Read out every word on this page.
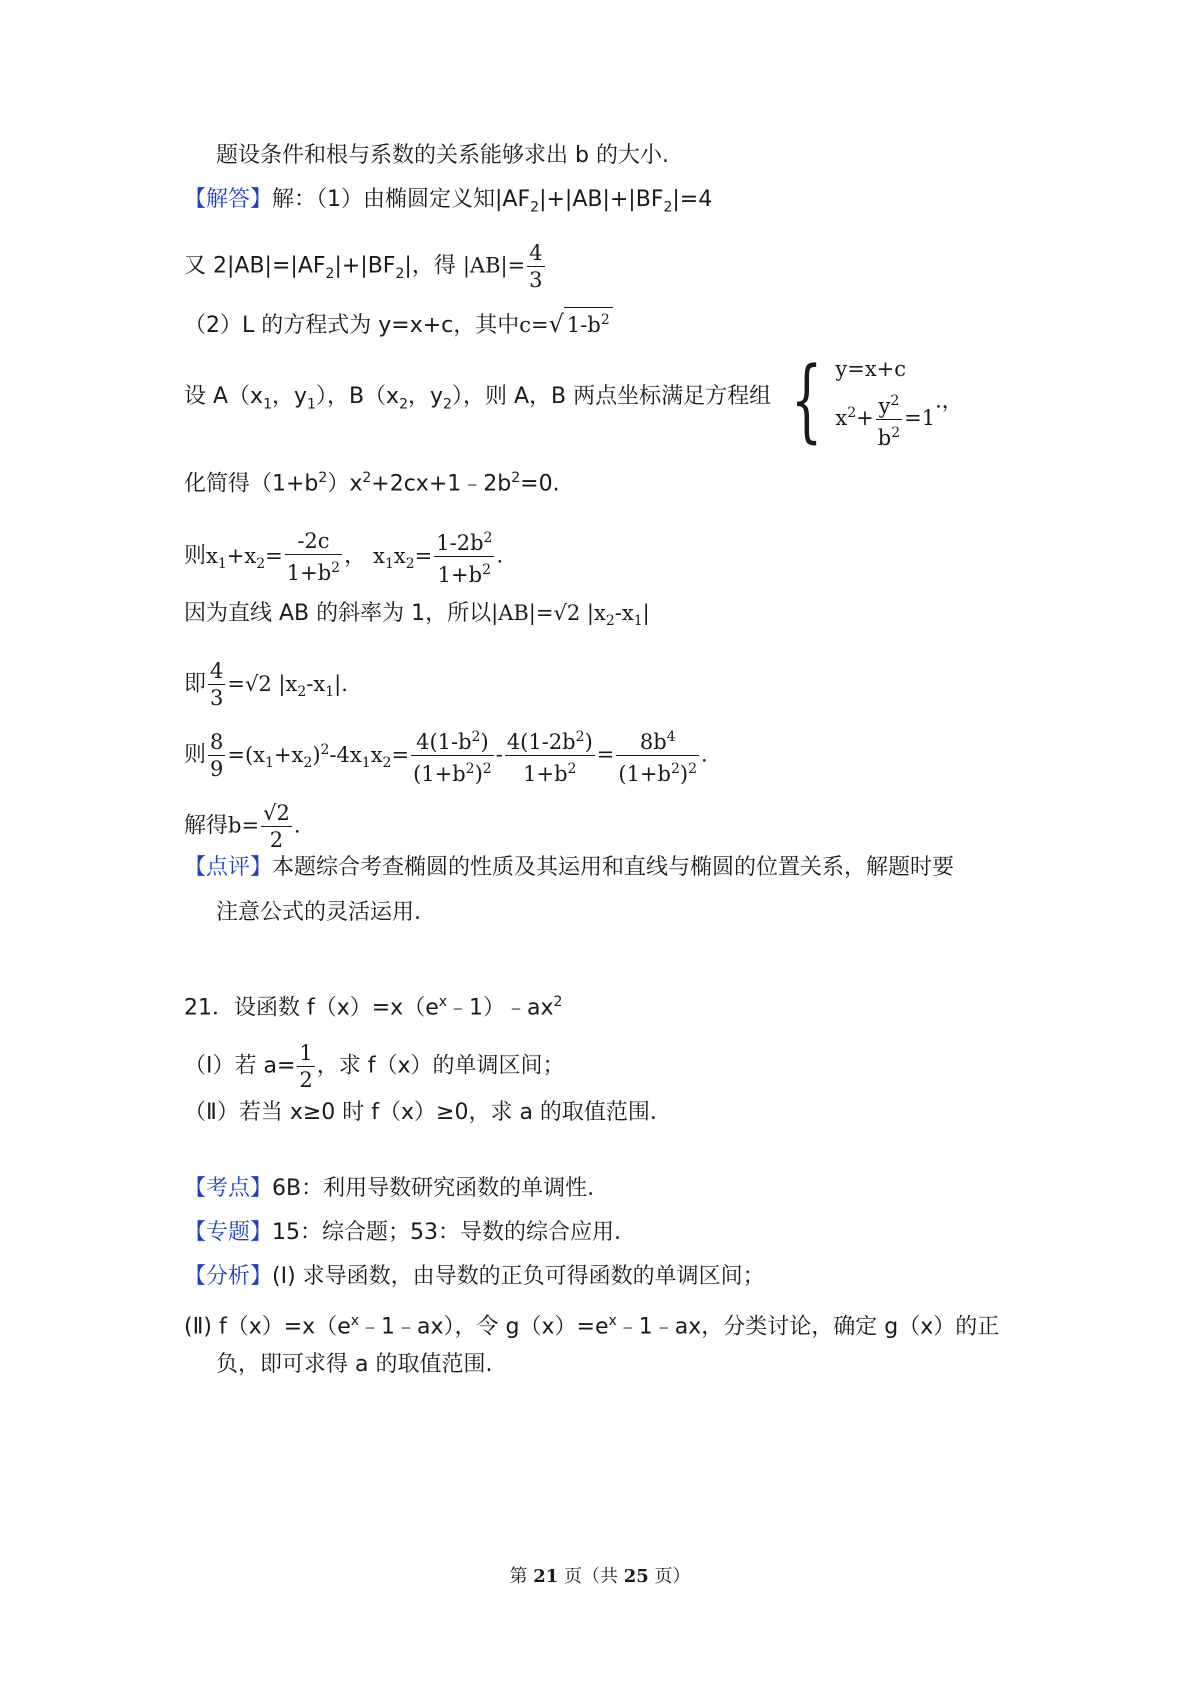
题设条件和根与系数的关系能够求出 b 的大小.
【解答】解：（1）由椭圆定义知$|AF_2|+|AB|+|BF_2|=4$
又 $2|AB|=|AF_2|+|BF_2|$，得 $|AB|= \frac{4}{3}$
（2）L 的方程式为 y=x+c，其中c=√ $1-b^2$
设 $A(x_1$，$y_1$），$B(x_2$，$y_2$），则 A，B 两点坐标满足方程组 { y=x+c
$x^2+ \frac{y^2}{b^2} =1$
.，
化简得$(1+b^2)x^2+2cx+1﹣2b^2=0$.
则$x_1+x_2= \frac{-2c}{1+b^2}$ ， $x_1x_2= \frac{1-2b^2}{1+b^2}$ .
因为直线 AB 的斜率为 1，所以|AB|=√2 $|x_2-x_1|$
即 $\frac{4}{3} =√2$ $|x_2-x_1|$.
则 $\frac{8}{9} =(x_1+x_2)^2-4x_1x_2= \frac{4(1-b^2)}{(1+b^2)^2} - \frac{4(1-2b^2)}{1+b^2} = \frac{8b^4}{(1+b^2)^2}$ .
解得$b= \frac{√2}{2}$ .
【点评】本题综合考查椭圆的性质及其运用和直线与椭圆的位置关系，解题时要
注意公式的灵活运用.
21．设函数 $f(x)=x(e^x﹣1)﹣ax^2$
（Ⅰ）若 $a= \frac{1}{2}$ ，求 f（x）的单调区间；
（Ⅱ）若当 x≥0 时 f（x）≥0，求 a 的取值范围.
【考点】6B：利用导数研究函数的单调性.
【专题】15：综合题；53：导数的综合应用.
【分析】(Ⅰ) 求导函数，由导数的正负可得函数的单调区间；
(Ⅱ) $f(x)=x(e^x﹣1﹣ax)$，令 $g(x)=e^x﹣1﹣ax$，分类讨论，确定 g（x）的正
负，即可求得 a 的取值范围.
第 21 页（共 25 页）
